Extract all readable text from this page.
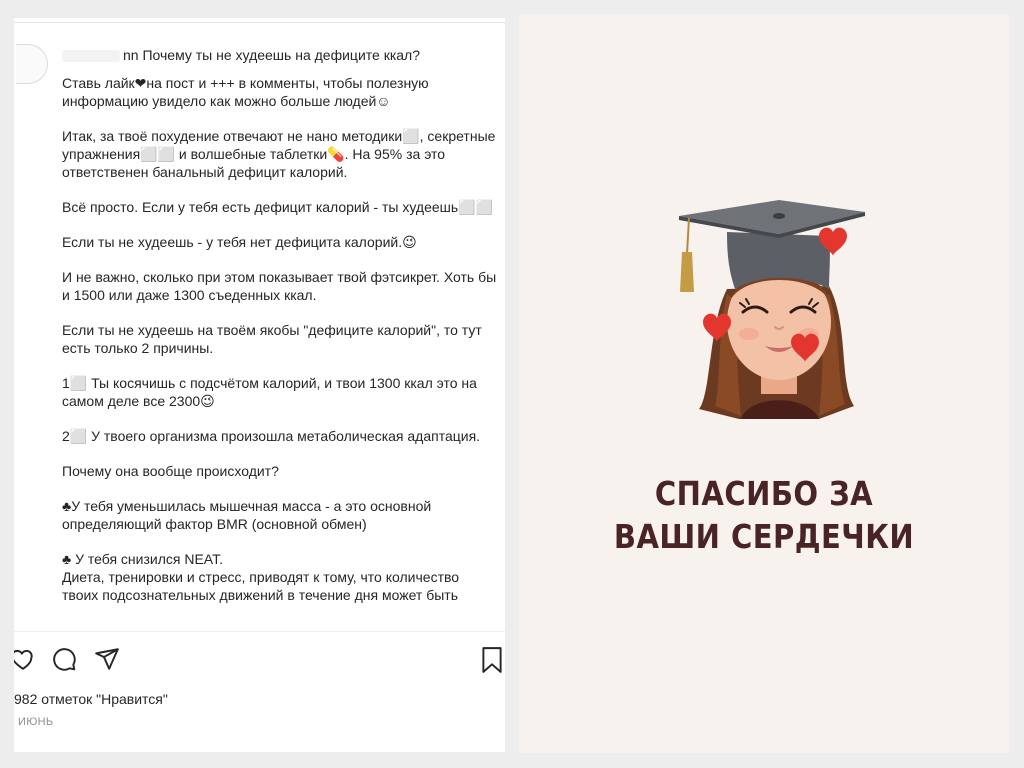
nn Почему ты не худеешь на дефиците ккал?
Ставь лайк❤на пост и +++ в комменты, чтобы полезную информацию увидело как можно больше людей☺
Итак, за твоё похудение отвечают не нано методики⬜, секретные упражнения⬜⬜ и волшебные таблетки💊. На 95% за это ответственен банальный дефицит калорий.
Всё просто. Если у тебя есть дефицит калорий - ты худеешь⬜⬜
Если ты не худеешь - у тебя нет дефицита калорий.😉
И не важно, сколько при этом показывает твой фэтсикрет. Хоть бы и 1500 или даже 1300 съеденных ккал.
Если ты не худеешь на твоём якобы "дефиците калорий", то тут есть только 2 причины.
1⬜ Ты косячишь с подсчётом калорий, и твои 1300 ккал это на самом деле все 2300😉
2⬜ У твоего организма произошла метаболическая адаптация.
Почему она вообще происходит?
♣У тебя уменьшилась мышечная масса - а это основной определяющий фактор BMR (основной обмен)
♣ У тебя снизился NEAT.
Диета, тренировки и стресс, приводят к тому, что количество твоих подсознательных движений в течение дня может быть
982 отметок "Нравится"
ИЮНЬ
СПАСИБО ЗА
ВАШИ СЕРДЕЧКИ
